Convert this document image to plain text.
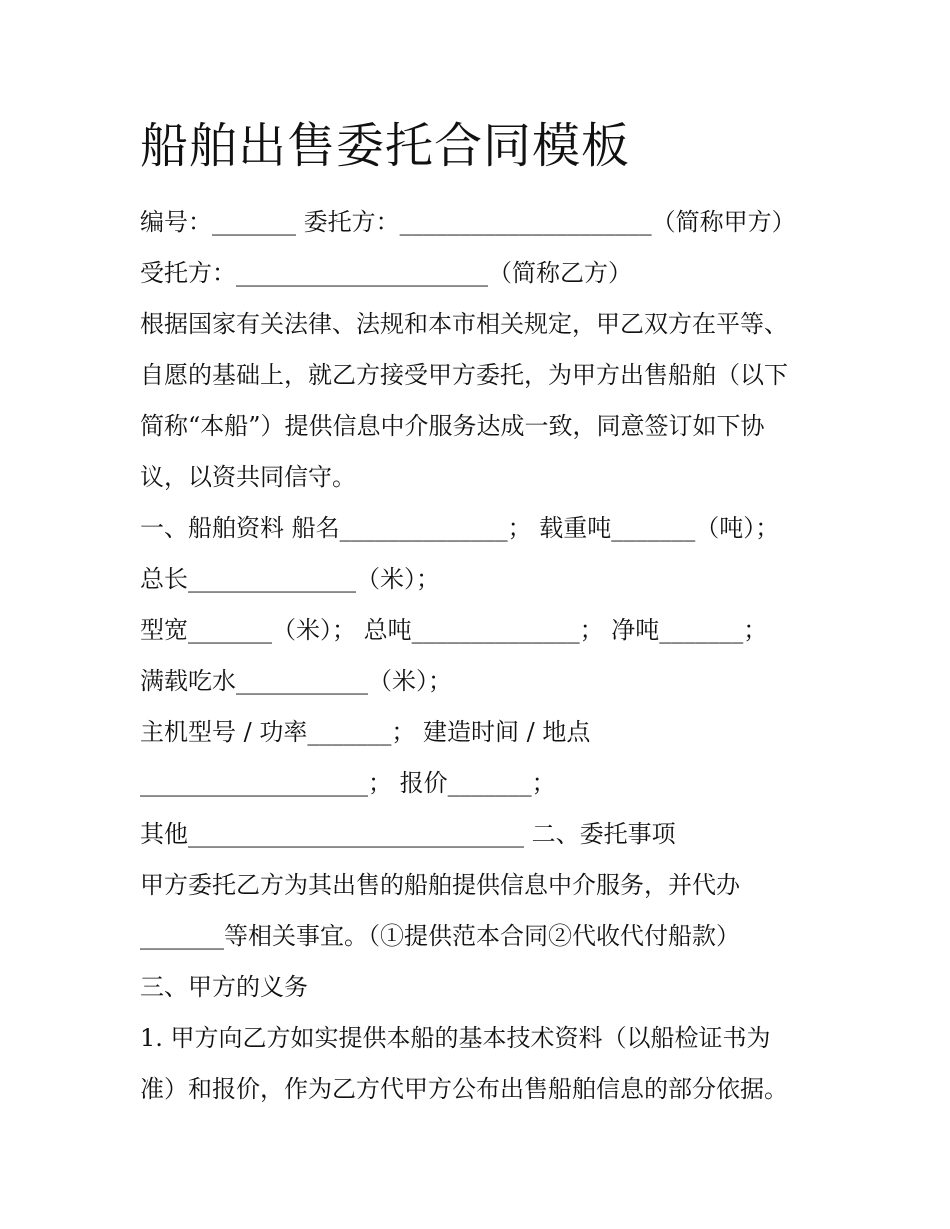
船舶出售委托合同模板
编号：_______ 委托方：_____________________（简称甲方）
受托方：_____________________（简称乙方）
根据国家有关法律、法规和本市相关规定，甲乙双方在平等、
自愿的基础上，就乙方接受甲方委托，为甲方出售船舶（以下
简称“本船”）提供信息中介服务达成一致，同意签订如下协
议，以资共同信守。
一、船舶资料 船名______________； 载重吨_______（吨）；
总长______________（米）；
型宽_______（米）； 总吨______________； 净吨_______；
满载吃水___________（米）；
主机型号 / 功率_______； 建造时间 / 地点
___________________； 报价_______；
其他____________________________ 二、委托事项
甲方委托乙方为其出售的船舶提供信息中介服务，并代办
_______等相关事宜。（①提供范本合同②代收代付船款）
三、甲方的义务
1. 甲方向乙方如实提供本船的基本技术资料（以船检证书为
准）和报价，作为乙方代甲方公布出售船舶信息的部分依据。
